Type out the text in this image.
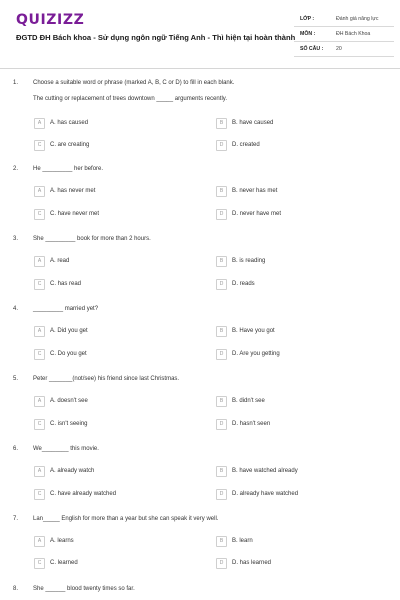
QUIZIZZ
ĐGTD ĐH Bách khoa - Sử dụng ngôn ngữ Tiếng Anh - Thì hiện tại hoàn thành
LỚP :	Đánh giá năng lực
MÔN :	ĐH Bách Khoa
SỐ CÂU : 20
1. Choose a suitable word or phrase (marked A, B, C or D) to fill in each blank.
The cutting or replacement of trees downtown _____ arguments recently.
A	A. has caused	B	B. have caused
C	C. are creating	D	D. created
2. He _________ her before.
A	A. has never met	B	B. never has met
C	C. have never met	D	D. never have met
3. She _________ book for more than 2 hours.
A	A. read	B	B. is reading
C	C. has read	D	D. reads
4. _________ married yet?
A	A. Did you get	B	B. Have you got
C	C. Do you get	D	D. Are you getting
5. Peter _______(not/see) his friend since last Christmas.
A	A. doesn't see	B	B. didn't see
C	C. isn't seeing	D	D. hasn't seen
6. We________ this movie.
A	A. already watch	B	B. have watched already
C	C. have already watched	D	D. already have watched
7. Lan_____ English for more than a year but she can speak it very well.
A	A. learns	B	B. learn
C	C. learned	D	D. has learned
8. She ______ blood twenty times so far.
